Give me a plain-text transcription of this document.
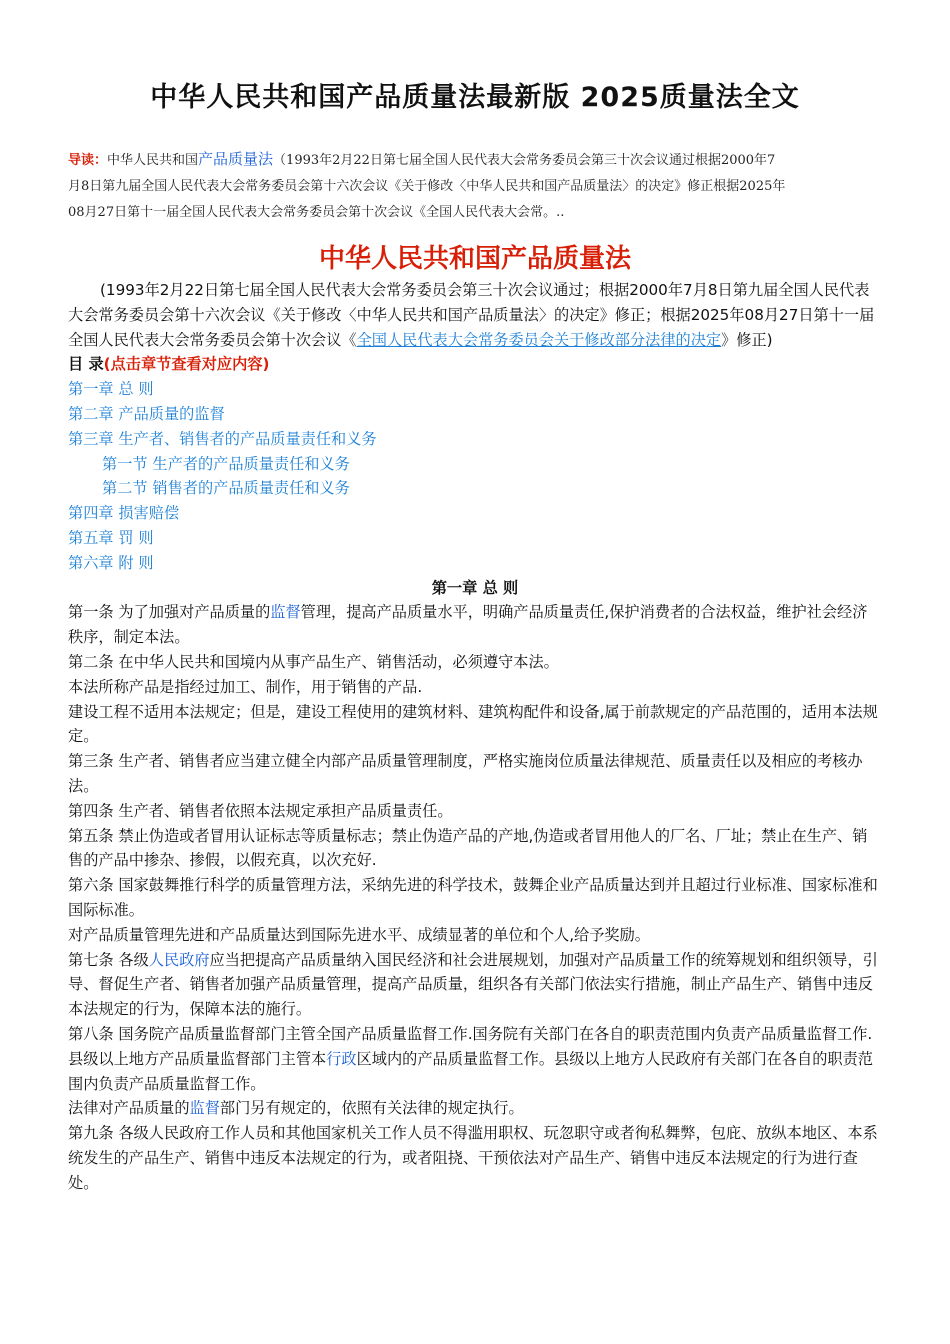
中华人民共和国产品质量法最新版 2025质量法全文
导读：中华人民共和国产品质量法（1993年2月22日第七届全国人民代表大会常务委员会第三十次会议通过根据2000年7月8日第九届全国人民代表大会常务委员会第十六次会议《关于修改〈中华人民共和国产品质量法〉的决定》修正根据2025年08月27日第十一届全国人民代表大会常务委员会第十次会议《全国人民代表大会常。..
中华人民共和国产品质量法

(1993年2月22日第七届全国人民代表大会常务委员会第三十次会议通过；根据2000年7月8日第九届全国人民代表大会常务委员会第十六次会议《关于修改〈中华人民共和国产品质量法〉的决定》修正；根据2025年08月27日第十一届全国人民代表大会常务委员会第十次会议《全国人民代表大会常务委员会关于修改部分法律的决定》修正)

目 录(点击章节查看对应内容)
第一章 总 则
第二章 产品质量的监督
第三章 生产者、销售者的产品质量责任和义务
第一节 生产者的产品质量责任和义务
第二节 销售者的产品质量责任和义务
第四章 损害赔偿
第五章 罚 则
第六章 附 则
第一章 总 则

第一条 为了加强对产品质量的监督管理，提高产品质量水平，明确产品质量责任,保护消费者的合法权益，维护社会经济秩序，制定本法。

第二条 在中华人民共和国境内从事产品生产、销售活动，必须遵守本法。

本法所称产品是指经过加工、制作，用于销售的产品.

建设工程不适用本法规定；但是，建设工程使用的建筑材料、建筑构配件和设备,属于前款规定的产品范围的，适用本法规定。

第三条 生产者、销售者应当建立健全内部产品质量管理制度，严格实施岗位质量法律规范、质量责任以及相应的考核办法。

第四条 生产者、销售者依照本法规定承担产品质量责任。

第五条 禁止伪造或者冒用认证标志等质量标志；禁止伪造产品的产地,伪造或者冒用他人的厂名、厂址；禁止在生产、销售的产品中掺杂、掺假，以假充真，以次充好.

第六条 国家鼓舞推行科学的质量管理方法，采纳先进的科学技术，鼓舞企业产品质量达到并且超过行业标准、国家标准和国际标准。

对产品质量管理先进和产品质量达到国际先进水平、成绩显著的单位和个人,给予奖励。

第七条 各级人民政府应当把提高产品质量纳入国民经济和社会进展规划，加强对产品质量工作的统筹规划和组织领导，引导、督促生产者、销售者加强产品质量管理，提高产品质量，组织各有关部门依法实行措施，制止产品生产、销售中违反本法规定的行为，保障本法的施行。

第八条 国务院产品质量监督部门主管全国产品质量监督工作.国务院有关部门在各自的职责范围内负责产品质量监督工作.

县级以上地方产品质量监督部门主管本行政区域内的产品质量监督工作。县级以上地方人民政府有关部门在各自的职责范围内负责产品质量监督工作。

法律对产品质量的监督部门另有规定的，依照有关法律的规定执行。

第九条 各级人民政府工作人员和其他国家机关工作人员不得滥用职权、玩忽职守或者徇私舞弊，包庇、放纵本地区、本系统发生的产品生产、销售中违反本法规定的行为，或者阻挠、干预依法对产品生产、销售中违反本法规定的行为进行查处。
